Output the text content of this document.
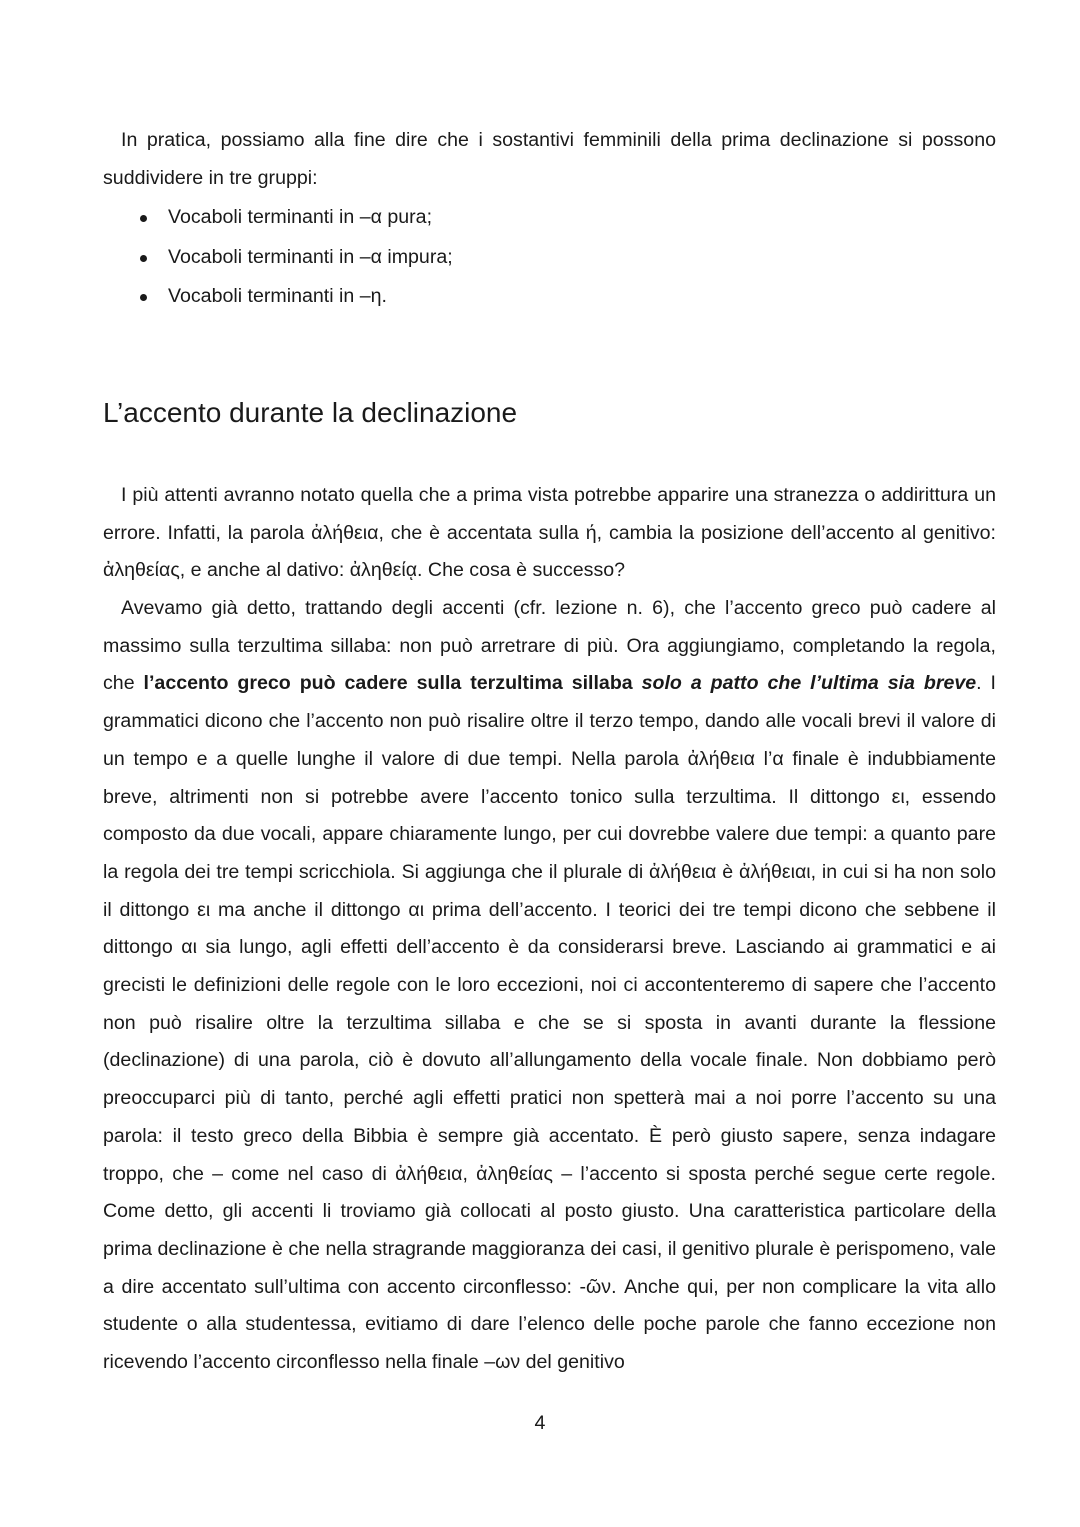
In pratica, possiamo alla fine dire che i sostantivi femminili della prima declinazione si possono suddividere in tre gruppi:

Vocaboli terminanti in –α pura;
Vocaboli terminanti in –α impura;
Vocaboli terminanti in –η.
L’accento durante la declinazione

I più attenti avranno notato quella che a prima vista potrebbe apparire una stranezza o addirittura un errore. Infatti, la parola ἀλήθεια, che è accentata sulla ή, cambia la posizione dell’accento al genitivo: ἀληθείας, e anche al dativo: ἀληθείᾳ. Che cosa è successo?

Avevamo già detto, trattando degli accenti (cfr. lezione n. 6), che l’accento greco può cadere al massimo sulla terzultima sillaba: non può arretrare di più. Ora aggiungiamo, completando la regola, che l’accento greco può cadere sulla terzultima sillaba solo a patto che l’ultima sia breve. I grammatici dicono che l’accento non può risalire oltre il terzo tempo, dando alle vocali brevi il valore di un tempo e a quelle lunghe il valore di due tempi. Nella parola ἀλήθεια l’α finale è indubbiamente breve, altrimenti non si potrebbe avere l’accento tonico sulla terzultima. Il dittongo ει, essendo composto da due vocali, appare chiaramente lungo, per cui dovrebbe valere due tempi: a quanto pare la regola dei tre tempi scricchiola. Si aggiunga che il plurale di ἀλήθεια è ἀλήθειαι, in cui si ha non solo il dittongo ει ma anche il dittongo αι prima dell’accento. I teorici dei tre tempi dicono che sebbene il dittongo αι sia lungo, agli effetti dell’accento è da considerarsi breve. Lasciando ai grammatici e ai grecisti le definizioni delle regole con le loro eccezioni, noi ci accontenteremo di sapere che l’accento non può risalire oltre la terzultima sillaba e che se si sposta in avanti durante la flessione (declinazione) di una parola, ciò è dovuto all’allungamento della vocale finale. Non dobbiamo però preoccuparci più di tanto, perché agli effetti pratici non spetterà mai a noi porre l’accento su una parola: il testo greco della Bibbia è sempre già accentato. È però giusto sapere, senza indagare troppo, che – come nel caso di ἀλήθεια, ἀληθείας – l’accento si sposta perché segue certe regole. Come detto, gli accenti li troviamo già collocati al posto giusto. Una caratteristica particolare della prima declinazione è che nella stragrande maggioranza dei casi, il genitivo plurale è perispomeno, vale a dire accentato sull’ultima con accento circonflesso: -ῶν. Anche qui, per non complicare la vita allo studente o alla studentessa, evitiamo di dare l’elenco delle poche parole che fanno eccezione non ricevendo l’accento circonflesso nella finale –ων del genitivo

4
